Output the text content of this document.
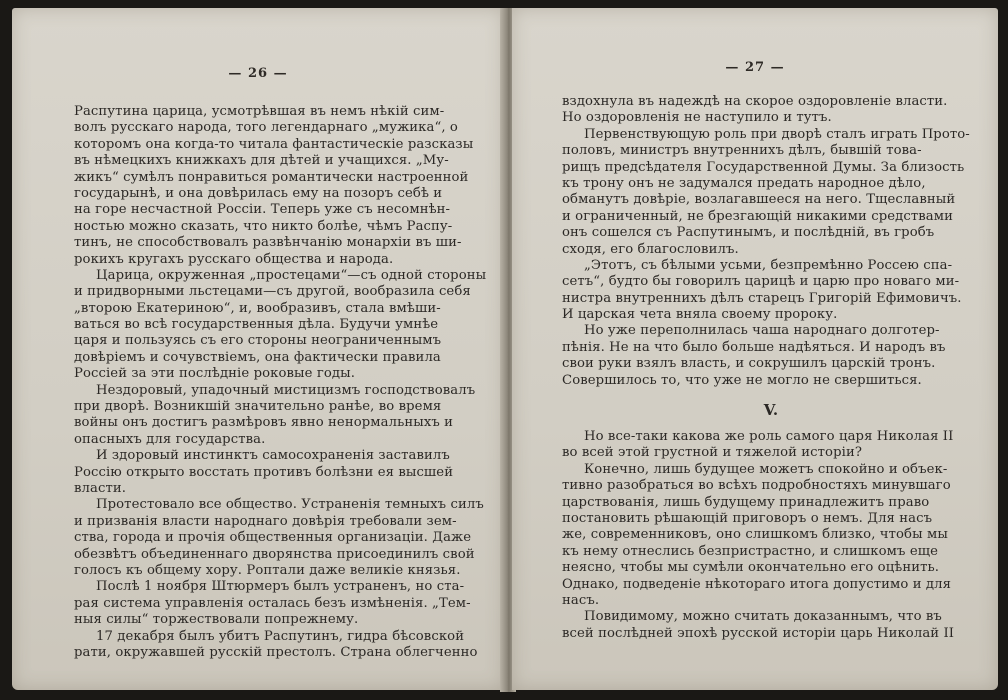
— 26 —
Распутина царица, усмотрѣвшая въ немъ нѣкій сим-
волъ русскаго народа, того легендарнаго „мужика“, о
которомъ она когда-то читала фантастическіе разсказы
въ нѣмецкихъ книжкахъ для дѣтей и учащихся. „Му-
жикъ“ сумѣлъ понравиться романтически настроенной
государынѣ, и она довѣрилась ему на позоръ себѣ и
на горе несчастной Россіи. Теперь уже съ несомнѣн-
ностью можно сказать, что никто болѣе, чѣмъ Распу-
тинъ, не способствовалъ развѣнчанію монархіи въ ши-
рокихъ кругахъ русскаго общества и народа.
Царица, окруженная „простецами“—съ одной стороны
и придворными льстецами—съ другой, вообразила себя
„второю Екатериною“, и, вообразивъ, стала вмѣши-
ваться во всѣ государственныя дѣла. Будучи умнѣе
царя и пользуясь съ его стороны неограниченнымъ
довѣріемъ и сочувствіемъ, она фактически правила
Россіей за эти послѣдніе роковые годы.
Нездоровый, упадочный мистицизмъ господствовалъ
при дворѣ. Возникшій значительно ранѣе, во время
войны онъ достигъ размѣровъ явно ненормальныхъ и
опасныхъ для государства.
И здоровый инстинктъ самосохраненія заставилъ
Россію открыто восстать противъ болѣзни ея высшей
власти.
Протестовало все общество. Устраненія темныхъ силъ
и призванія власти народнаго довѣрія требовали зем-
ства, города и прочія общественныя организаціи. Даже
обезвѣтъ объединеннаго дворянства присоединилъ свой
голосъ къ общему хору. Роптали даже великіе князья.
Послѣ 1 ноября Штюрмеръ былъ устраненъ, но ста-
рая система управленія осталась безъ измѣненія. „Тем-
ныя силы“ торжествовали попрежнему.
17 декабря былъ убитъ Распутинъ, гидра бѣсовской
рати, окружавшей русскій престолъ. Страна облегченно
— 27 —
вздохнула въ надеждѣ на скорое оздоровленіе власти.
Но оздоровленія не наступило и тутъ.
Первенствующую роль при дворѣ сталъ играть Прото-
половъ, министръ внутреннихъ дѣлъ, бывшій това-
рищъ предсѣдателя Государственной Думы. За близость
къ трону онъ не задумался предать народное дѣло,
обманутъ довѣріе, возлагавшееся на него. Тщеславный
и ограниченный, не брезгающій никакими средствами
онъ сошелся съ Распутинымъ, и послѣдній, въ гробъ
сходя, его благословилъ.
„Этотъ, съ бѣлыми усьми, безпремѣнно Россею спа-
сетъ“, будто бы говорилъ царицѣ и царю про новаго ми-
нистра внутреннихъ дѣлъ старецъ Григорій Ефимовичъ.
И царская чета вняла своему пророку.
Но уже переполнилась чаша народнаго долготер-
пѣнія. Не на что было больше надѣяться. И народъ въ
свои руки взялъ власть, и сокрушилъ царскій тронъ.
Совершилось то, что уже не могло не свершиться.
V.
Но все-таки какова же роль самого царя Николая II
во всей этой грустной и тяжелой исторіи?
Конечно, лишь будущее можетъ спокойно и объек-
тивно разобраться во всѣхъ подробностяхъ минувшаго
царствованія, лишь будущему принадлежитъ право
постановить рѣшающій приговоръ о немъ. Для насъ
же, современниковъ, оно слишкомъ близко, чтобы мы
къ нему отнеслись безпристрастно, и слишкомъ еще
неясно, чтобы мы сумѣли окончательно его оцѣнить.
Однако, подведеніе нѣкотораго итога допустимо и для
насъ.
Повидимому, можно считать доказаннымъ, что въ
всей послѣдней эпохѣ русской исторіи царь Николай II
